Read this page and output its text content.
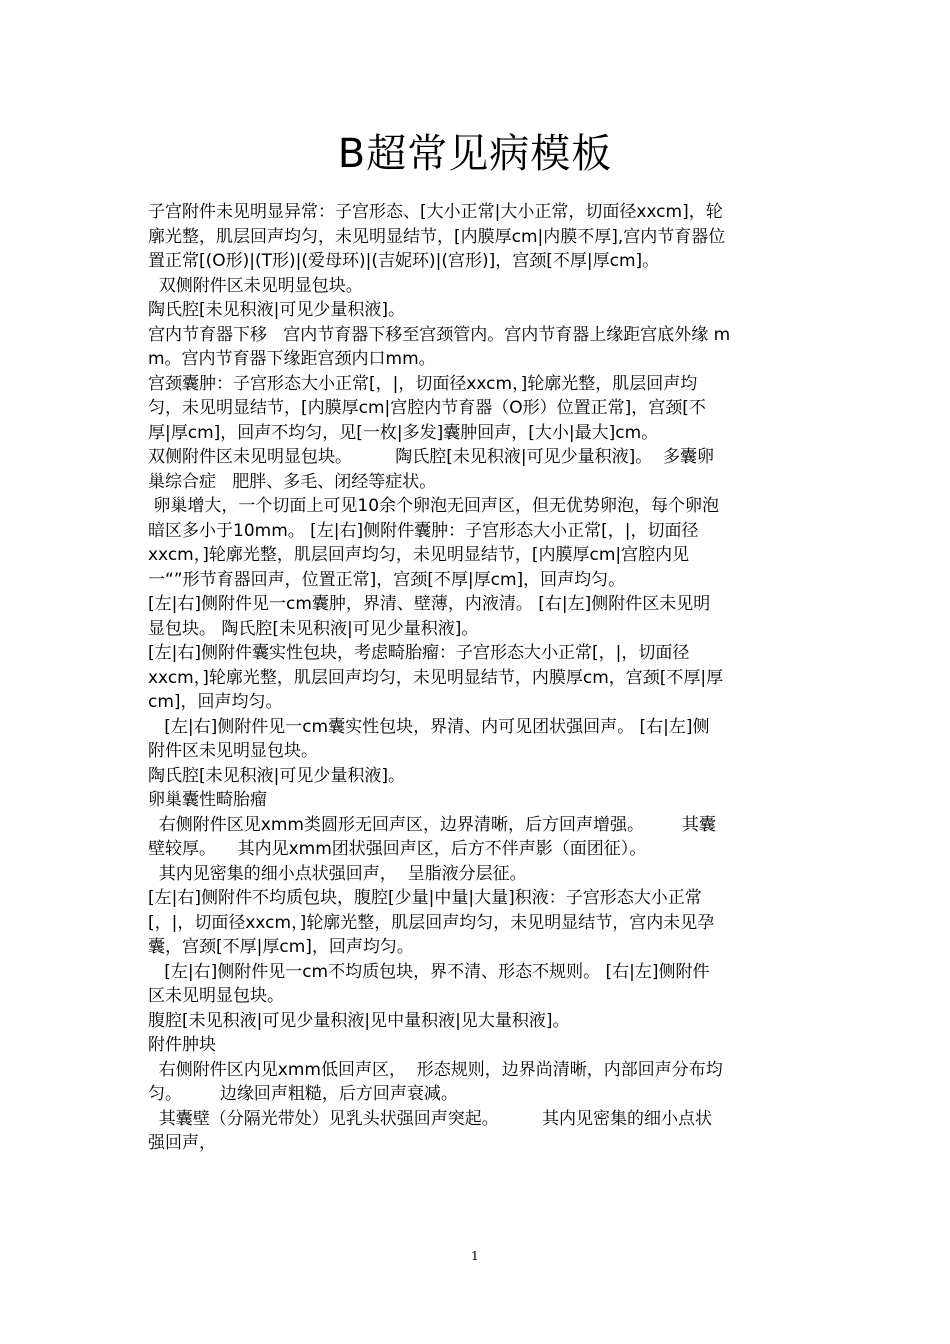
B超常见病模板
子宫附件未见明显异常：子宫形态、[大小正常|大小正常，切面径xxcm]，轮
廓光整，肌层回声均匀，未见明显结节，[内膜厚cm|内膜不厚],宫内节育器位
置正常[(O形)|(T形)|(爱母环)|(吉妮环)|(宫形)]，宫颈[不厚|厚cm]。
双侧附件区未见明显包块。
陶氏腔[未见积液|可见少量积液]。
宫内节育器下移   宫内节育器下移至宫颈管内。宫内节育器上缘距宫底外缘 m
m。宫内节育器下缘距宫颈内口mm。
宫颈囊肿：子宫形态大小正常[，|，切面径xxcm，]轮廓光整，肌层回声均
匀，未见明显结节，[内膜厚cm|宫腔内节育器（O形）位置正常]，宫颈[不
厚|厚cm]，回声不均匀，见[一枚|多发]囊肿回声，[大小|最大]cm。
双侧附件区未见明显包块。        陶氏腔[未见积液|可见少量积液]。  多囊卵
巢综合症   肥胖、多毛、闭经等症状。
卵巢增大，一个切面上可见10余个卵泡无回声区，但无优势卵泡，每个卵泡
暗区多小于10mm。 [左|右]侧附件囊肿：子宫形态大小正常[，|，切面径
xxcm，]轮廓光整，肌层回声均匀，未见明显结节，[内膜厚cm|宫腔内见
一“”形节育器回声，位置正常]，宫颈[不厚|厚cm]，回声均匀。
[左|右]侧附件见一cm囊肿，界清、壁薄，内液清。 [右|左]侧附件区未见明
显包块。 陶氏腔[未见积液|可见少量积液]。
[左|右]侧附件囊实性包块，考虑畸胎瘤：子宫形态大小正常[，|，切面径
xxcm，]轮廓光整，肌层回声均匀，未见明显结节，内膜厚cm，宫颈[不厚|厚
cm]，回声均匀。
[左|右]侧附件见一cm囊实性包块，界清、内可见团状强回声。 [右|左]侧
附件区未见明显包块。
陶氏腔[未见积液|可见少量积液]。
卵巢囊性畸胎瘤
右侧附件区见xmm类圆形无回声区，边界清晰，后方回声增强。       其囊
壁较厚。    其内见xmm团状强回声区，后方不伴声影（面团征）。
其内见密集的细小点状强回声，  呈脂液分层征。
[左|右]侧附件不均质包块，腹腔[少量|中量|大量]积液：子宫形态大小正常
[，|，切面径xxcm，]轮廓光整，肌层回声均匀，未见明显结节，宫内未见孕
囊，宫颈[不厚|厚cm]，回声均匀。
[左|右]侧附件见一cm不均质包块，界不清、形态不规则。 [右|左]侧附件
区未见明显包块。
腹腔[未见积液|可见少量积液|见中量积液|见大量积液]。
附件肿块
右侧附件区内见xmm低回声区，  形态规则，边界尚清晰，内部回声分布均
匀。       边缘回声粗糙，后方回声衰减。
其囊壁（分隔光带处）见乳头状强回声突起。        其内见密集的细小点状
强回声，
1
